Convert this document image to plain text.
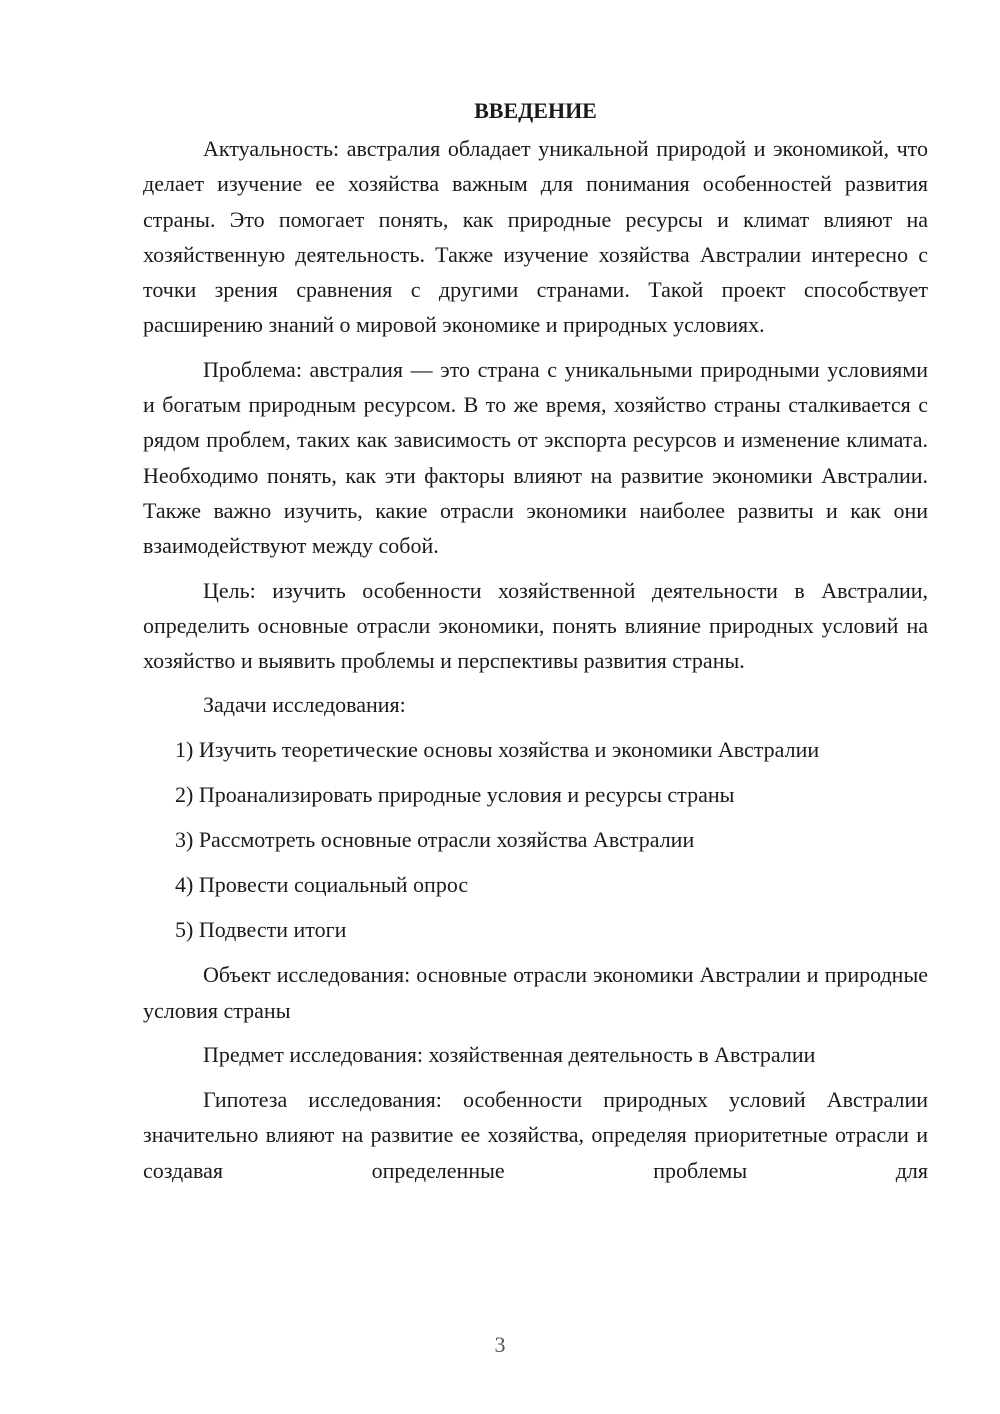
ВВЕДЕНИЕ

Актуальность: австралия обладает уникальной природой и экономикой, что делает изучение ее хозяйства важным для понимания особенностей развития страны. Это помогает понять, как природные ресурсы и климат влияют на хозяйственную деятельность. Также изучение хозяйства Австралии интересно с точки зрения сравнения с другими странами. Такой проект способствует расширению знаний о мировой экономике и природных условиях.

Проблема: австралия — это страна с уникальными природными условиями и богатым природным ресурсом. В то же время, хозяйство страны сталкивается с рядом проблем, таких как зависимость от экспорта ресурсов и изменение климата. Необходимо понять, как эти факторы влияют на развитие экономики Австралии. Также важно изучить, какие отрасли экономики наиболее развиты и как они взаимодействуют между собой.

Цель: изучить особенности хозяйственной деятельности в Австралии, определить основные отрасли экономики, понять влияние природных условий на хозяйство и выявить проблемы и перспективы развития страны.

Задачи исследования:

1) Изучить теоретические основы хозяйства и экономики Австралии
2) Проанализировать природные условия и ресурсы страны
3) Рассмотреть основные отрасли хозяйства Австралии
4) Провести социальный опрос
5) Подвести итоги

Объект исследования: основные отрасли экономики Австралии и природные условия страны

Предмет исследования: хозяйственная деятельность в Австралии

Гипотеза исследования: особенности природных условий Австралии значительно влияют на развитие ее хозяйства, определяя приоритетные отрасли и создавая определенные проблемы для

3
